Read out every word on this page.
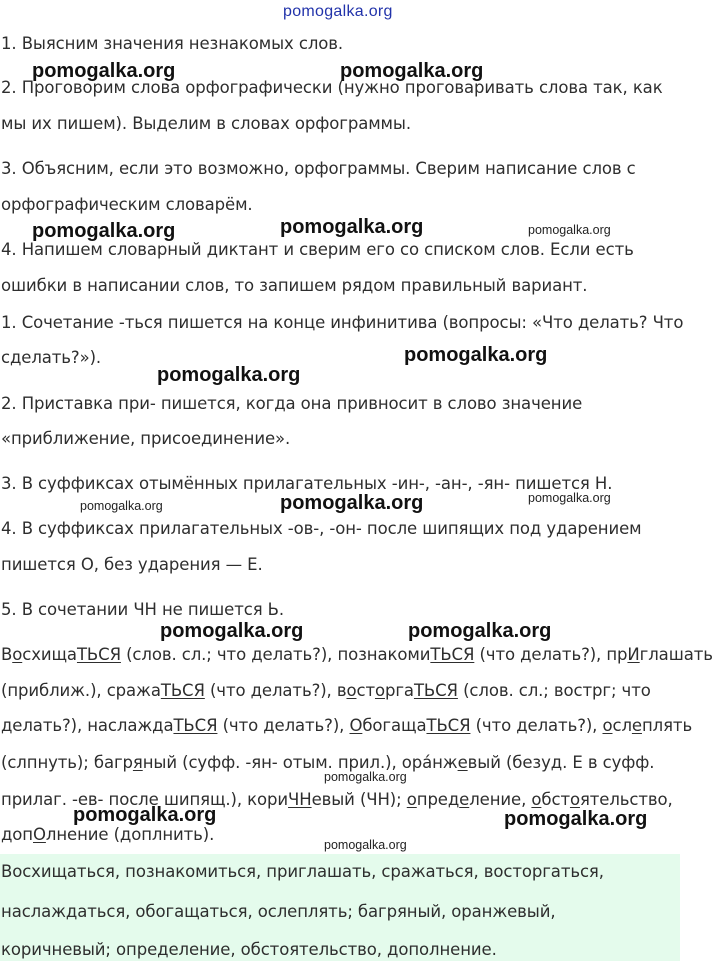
pomogalka.org
1. Выясним значения незнакомых слов.
2. Проговорим слова орфографически (нужно проговаривать слова так, как
мы их пишем). Выделим в словах орфограммы.
3. Объясним, если это возможно, орфограммы. Сверим написание слов с
орфографическим словарём.
4. Напишем словарный диктант и сверим его со списком слов. Если есть
ошибки в написании слов, то запишем рядом правильный вариант.
1. Сочетание -ться пишется на конце инфинитива (вопросы: «Что делать? Что
сделать?»).
2. Приставка при- пишется, когда она привносит в слово значение
«приближение, присоединение».
3. В суффиксах отымённых прилагательных -ин-, -ан-, -ян- пишется Н.
4. В суффиксах прилагательных -ов-, -он- после шипящих под ударением
пишется О, без ударения — Е.
5. В сочетании ЧН не пишется Ь.
ВосхищаТЬСЯ (слов. сл.; что делать?), познакомиТЬСЯ (что делать?), прИглашать
(приближ.), сражаТЬСЯ (что делать?), восторгаТЬСЯ (слов. сл.; вострг; что
делать?), наслаждаТЬСЯ (что делать?), ОбогащаТЬСЯ (что делать?), ослеплять
(слпнуть); багряный (суфф. -ян- отым. прил.), ора́нжевый (безуд. Е в суфф.
прилаг. -ев- после шипящ.), кориЧНевый (ЧН); определение, обстоятельство,
допОлнение (доплнить).
Восхищаться, познакомиться, приглашать, сражаться, восторгаться,
наслаждаться, обогащаться, ослеплять; багряный, оранжевый,
коричневый; определение, обстоятельство, дополнение.
pomogalka.org	pomogalka.org
pomogalka.org	pomogalka.org	pomogalka.org
pomogalka.org
pomogalka.org
pomogalka.org	pomogalka.org	pomogalka.org
pomogalka.org	pomogalka.org
pomogalka.org
pomogalka.org	pomogalka.org
pomogalka.org
